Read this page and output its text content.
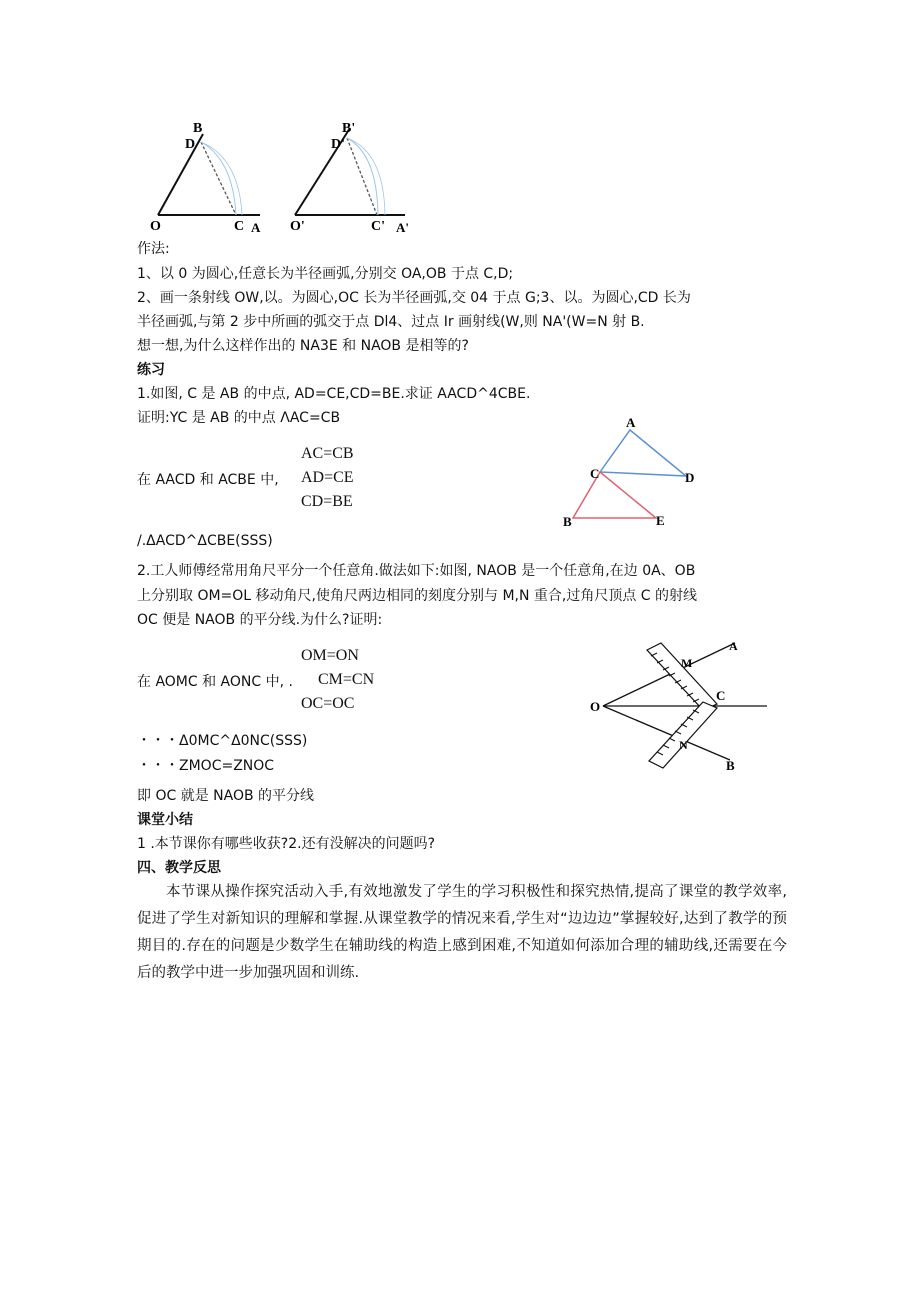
B
D
O	C A
B'
D'
O'	C' A'
作法:
1、以 0 为圆心,任意长为半径画弧,分别交 OA,OB 于点 C,D;
2、画一条射线 OW,以。为圆心,OC 长为半径画弧,交 04 于点 G;3、以。为圆心,CD 长为
半径画弧,与第 2 步中所画的弧交于点 Dl4、过点 Ir 画射线(W,则 NA'(W=N 射 B.
想一想,为什么这样作出的 NA3E 和 NAOB 是相等的?
练习
1.如图, C 是 AB 的中点, AD=CE,CD=BE.求证 AACD^4CBE.
证明:YC 是 AB 的中点 ΛAC=CB
AC=CB
在 AACD 和 ACBE 中, AD=CE
CD=BE
/.ΔACD^ΔCBE(SSS)
A
C	D
B	E
2.工人师傅经常用角尺平分一个任意角.做法如下:如图, NAOB 是一个任意角,在边 0A、OB
上分别取 OM=OL 移动角尺,使角尺两边相同的刻度分别与 M,N 重合,过角尺顶点 C 的射线
OC 便是 NAOB 的平分线.为什么?证明:
OM=ON
在 AOMC 和 AONC 中, . CM=CN
OC=OC	O
M
C
N
A
B
・・・Δ0MC^Δ0NC(SSS)
・・・ZMOC=ZNOC
即 OC 就是 NAOB 的平分线
课堂小结
1 .本节课你有哪些收获?2.还有没解决的问题吗?
四、教学反思
本节课从操作探究活动入手,有效地激发了学生的学习积极性和探究热情,提高了课堂的教学效率,促进了学生对新知识的理解和掌握.从课堂教学的情况来看,学生对“边边边”掌握较好,达到了教学的预期目的.存在的问题是少数学生在辅助线的构造上感到困难,不知道如何添加合理的辅助线,还需要在今后的教学中进一步加强巩固和训练.
